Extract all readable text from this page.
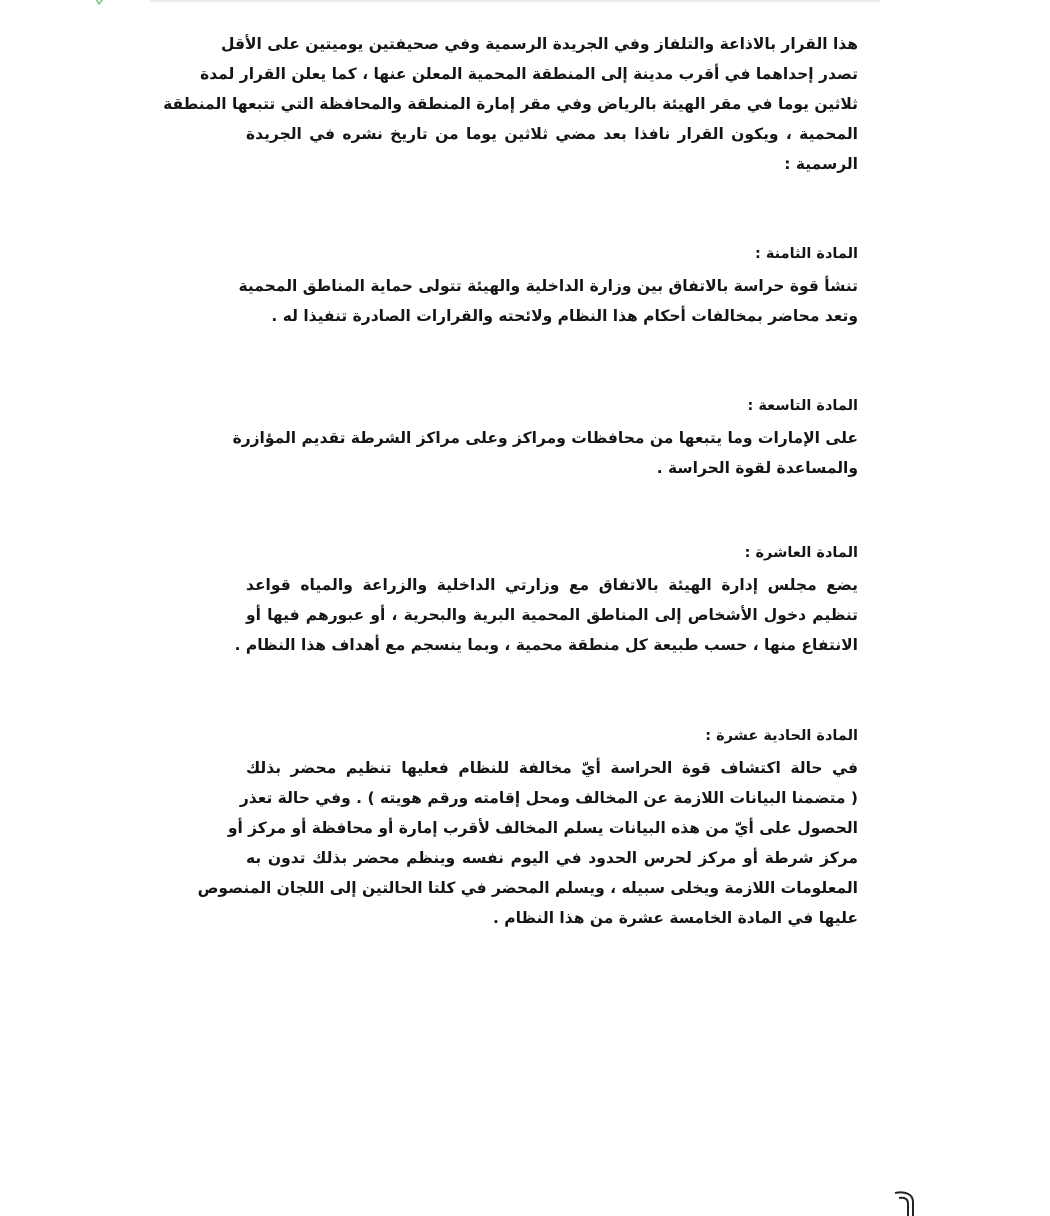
هذا القرار بالاذاعة والتلفاز وفي الجريدة الرسمية وفي صحيفتين يوميتين على الأقل
تصدر إحداهما في أقرب مدينة إلى المنطقة المحمية المعلن عنها ، كما يعلن القرار لمدة
ثلاثين يوما في مقر الهيئة بالرياض وفي مقر إمارة المنطقة والمحافظة التي تتبعها المنطقة
المحمية ، ويكون القرار نافذا بعد مضي ثلاثين يوما من تاريخ نشره في الجريدة
الرسمية :

المادة الثامنة :

تنشأ قوة حراسة بالاتفاق بين وزارة الداخلية والهيئة تتولى حماية المناطق المحمية
وتعد محاضر بمخالفات أحكام هذا النظام ولائحته والقرارات الصادرة تنفيذا له .

المادة التاسعة :

على الإمارات وما يتبعها من محافظات ومراكز وعلى مراكز الشرطة تقديم المؤازرة
والمساعدة لقوة الحراسة .

المادة العاشرة :

يضع مجلس إدارة الهيئة بالاتفاق مع وزارتي الداخلية والزراعة والمياه قواعد
تنظيم دخول الأشخاص إلى المناطق المحمية البرية والبحرية ، أو عبورهم فيها أو
الانتفاع منها ، حسب طبيعة كل منطقة محمية ، وبما ينسجم مع أهداف هذا النظام .

المادة الحادية عشرة :

في حالة اكتشاف قوة الحراسة أيّ مخالفة للنظام فعليها تنظيم محضر بذلك
( متضمنا البيانات اللازمة عن المخالف ومحل إقامته ورقم هويته ) . وفي حالة تعذر
الحصول على أيّ من هذه البيانات يسلم المخالف لأقرب إمارة أو محافظة أو مركز أو
مركز شرطة أو مركز لحرس الحدود في اليوم نفسه وينظم محضر بذلك تدون به
المعلومات اللازمة ويخلى سبيله ، ويسلم المحضر في كلتا الحالتين إلى اللجان المنصوص
عليها في المادة الخامسة عشرة من هذا النظام .
